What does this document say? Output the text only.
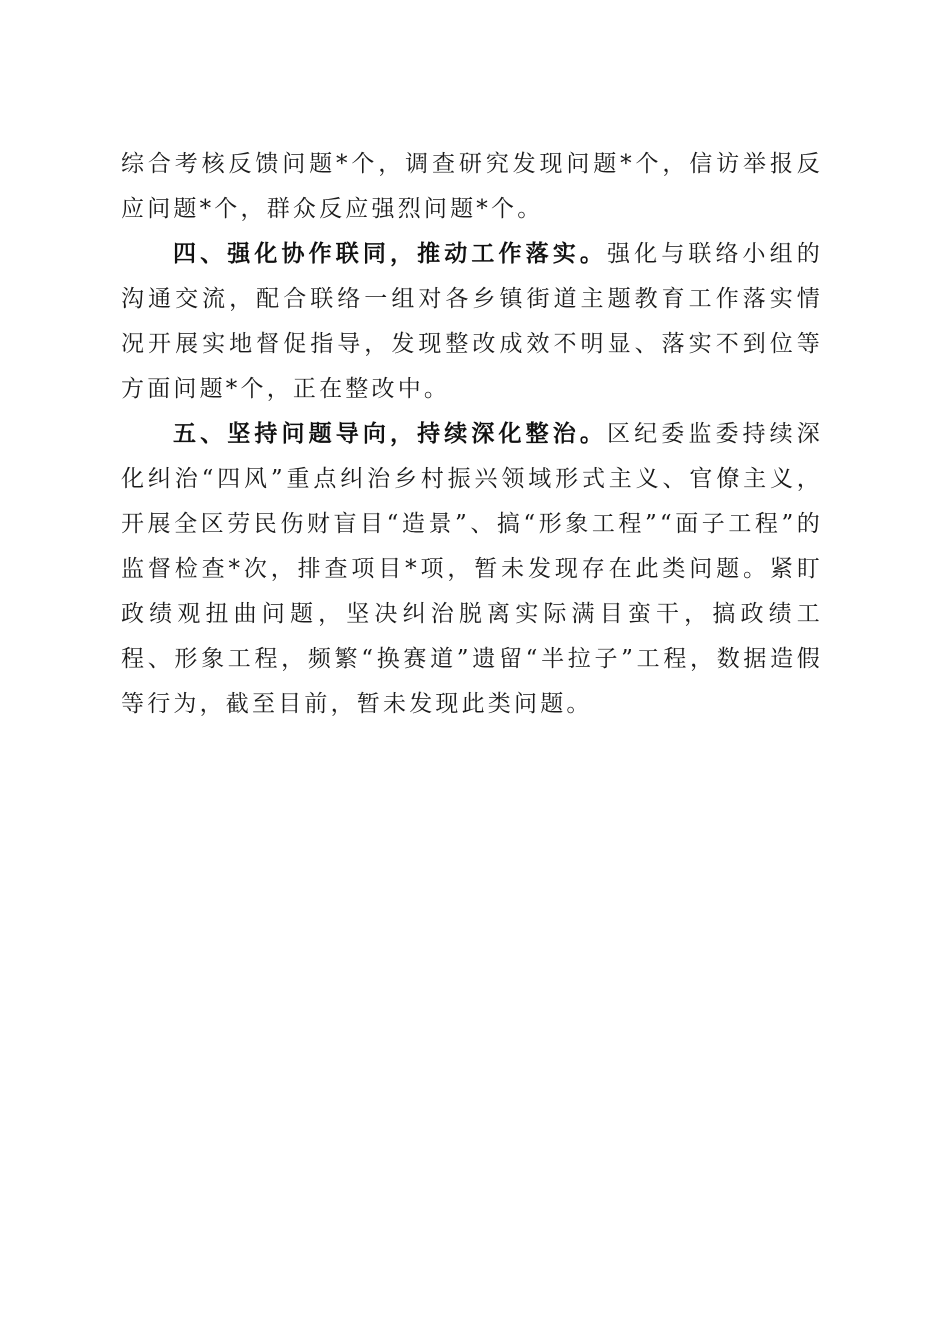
综合考核反馈问题*个，调查研究发现问题*个，信访举报反应问题*个，群众反应强烈问题*个。

四、强化协作联同，推动工作落实。强化与联络小组的沟通交流，配合联络一组对各乡镇街道主题教育工作落实情况开展实地督促指导，发现整改成效不明显、落实不到位等方面问题*个，正在整改中。

五、坚持问题导向，持续深化整治。区纪委监委持续深化纠治“四风”重点纠治乡村振兴领域形式主义、官僚主义，开展全区劳民伤财盲目“造景”、搞“形象工程”“面子工程”的监督检查*次，排查项目*项，暂未发现存在此类问题。紧盯政绩观扭曲问题，坚决纠治脱离实际满目蛮干，搞政绩工程、形象工程，频繁“换赛道”遗留“半拉子”工程，数据造假等行为，截至目前，暂未发现此类问题。
